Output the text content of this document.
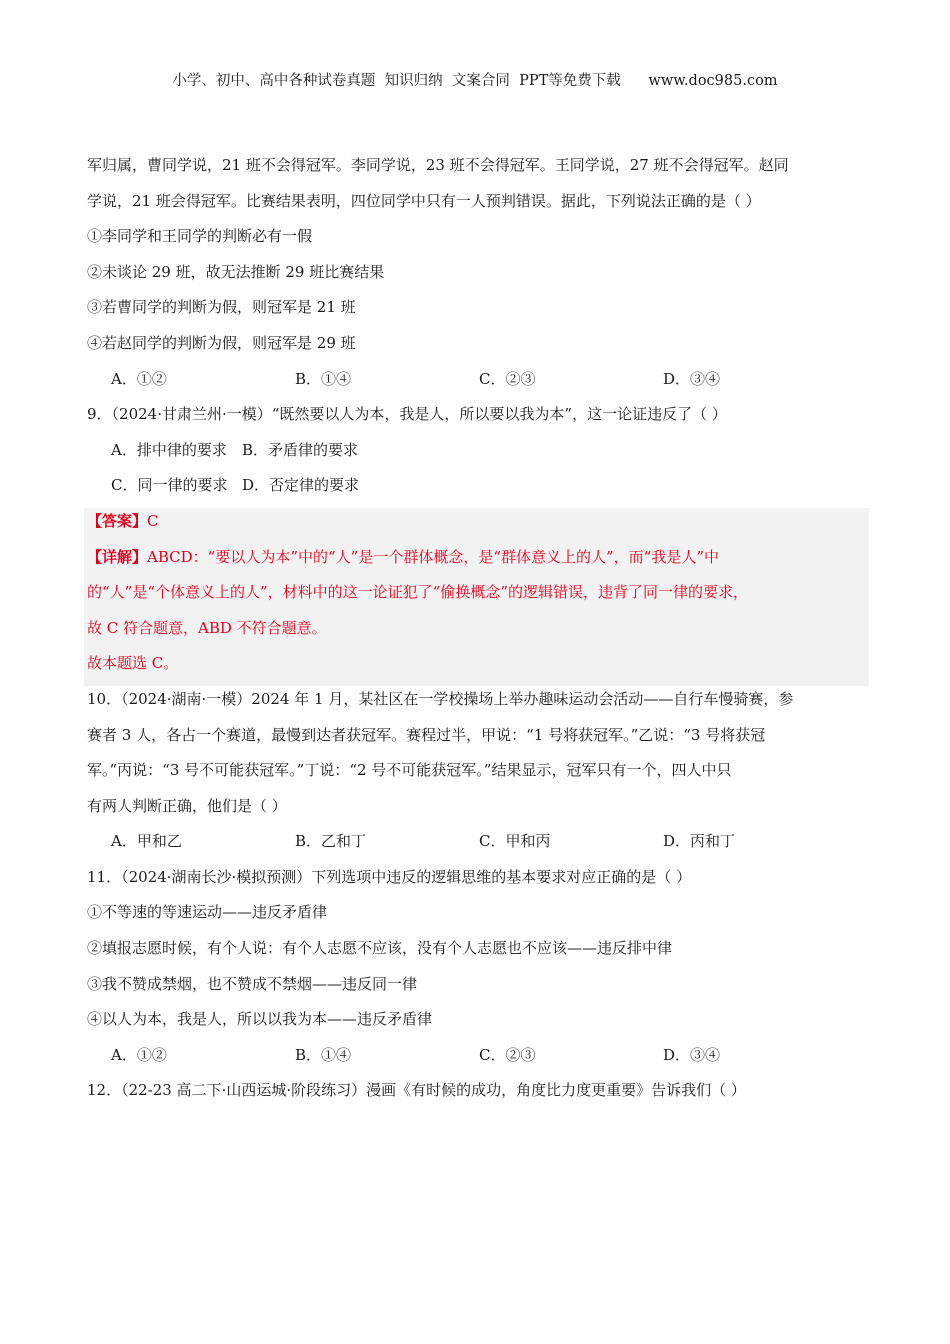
小学、初中、高中各种试卷真题  知识归纳  文案合同  PPT等免费下载      www.doc985.com
军归属，曹同学说，21 班不会得冠军。李同学说，23 班不会得冠军。王同学说，27 班不会得冠军。赵同
学说，21 班会得冠军。比赛结果表明，四位同学中只有一人预判错误。据此，下列说法正确的是（ ）
①李同学和王同学的判断必有一假
②未谈论 29 班，故无法推断 29 班比赛结果
③若曹同学的判断为假，则冠军是 21 班
④若赵同学的判断为假，则冠军是 29 班
A．①②	B．①④	C．②③	D．③④
9．（2024·甘肃兰州·一模）“既然要以人为本，我是人，所以要以我为本”，这一论证违反了（ ）
A．排中律的要求	B．矛盾律的要求
C．同一律的要求 D．否定律的要求
【答案】C
【详解】ABCD：“要以人为本”中的“人”是一个群体概念，是“群体意义上的人”，而“我是人”中
的“人”是“个体意义上的人”，材料中的这一论证犯了“偷换概念”的逻辑错误，违背了同一律的要求，
故 C 符合题意，ABD 不符合题意。
故本题选 C。
10．（2024·湖南·一模）2024 年 1 月，某社区在一学校操场上举办趣味运动会活动——自行车慢骑赛，参
赛者 3 人，各占一个赛道，最慢到达者获冠军。赛程过半，甲说：“1 号将获冠军。”乙说：“3 号将获冠
军。”丙说：“3 号不可能获冠军。”丁说：“2 号不可能获冠军。”结果显示，冠军只有一个，四人中只
有两人判断正确，他们是（ ）
A．甲和乙	B．乙和丁	C．甲和丙	D．丙和丁
11．（2024·湖南长沙·模拟预测）下列选项中违反的逻辑思维的基本要求对应正确的是（ ）
①不等速的等速运动——违反矛盾律
②填报志愿时候，有个人说：有个人志愿不应该，没有个人志愿也不应该——违反排中律
③我不赞成禁烟，也不赞成不禁烟——违反同一律
④以人为本，我是人，所以以我为本——违反矛盾律
A．①②	B．①④	C．②③	D．③④
12．（22-23 高二下·山西运城·阶段练习）漫画《有时候的成功，角度比力度更重要》告诉我们（ ）
